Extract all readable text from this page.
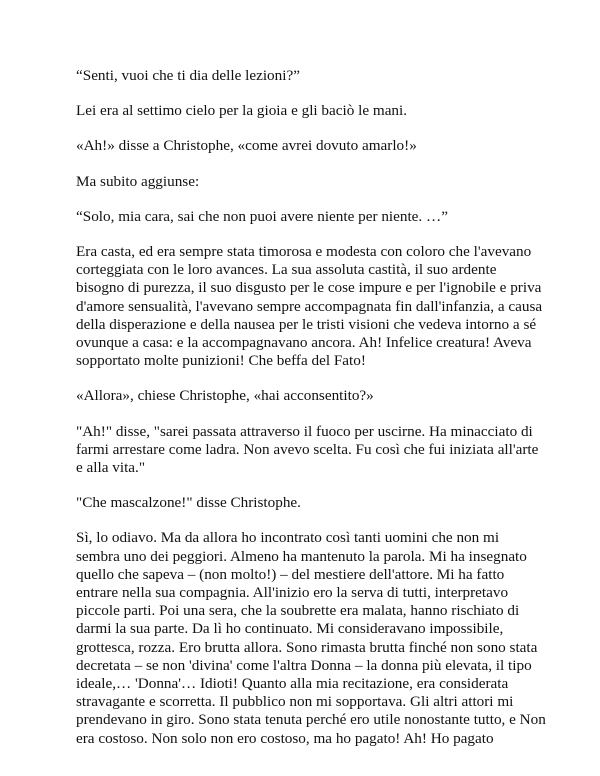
“Senti, vuoi che ti dia delle lezioni?”

Lei era al settimo cielo per la gioia e gli baciò le mani.

«Ah!» disse a Christophe, «come avrei dovuto amarlo!»

Ma subito aggiunse:

“Solo, mia cara, sai che non puoi avere niente per niente. …”

Era casta, ed era sempre stata timorosa e modesta con coloro che l'avevano corteggiata con le loro avances. La sua assoluta castità, il suo ardente bisogno di purezza, il suo disgusto per le cose impure e per l'ignobile e priva d'amore sensualità, l'avevano sempre accompagnata fin dall'infanzia, a causa della disperazione e della nausea per le tristi visioni che vedeva intorno a sé ovunque a casa: e la accompagnavano ancora. Ah! Infelice creatura! Aveva sopportato molte punizioni! Che beffa del Fato!

«Allora», chiese Christophe, «hai acconsentito?»

"Ah!" disse, "sarei passata attraverso il fuoco per uscirne. Ha minacciato di farmi arrestare come ladra. Non avevo scelta. Fu così che fui iniziata all'arte e alla vita."

"Che mascalzone!" disse Christophe.

Sì, lo odiavo. Ma da allora ho incontrato così tanti uomini che non mi sembra uno dei peggiori. Almeno ha mantenuto la parola. Mi ha insegnato quello che sapeva – (non molto!) – del mestiere dell'attore. Mi ha fatto entrare nella sua compagnia. All'inizio ero la serva di tutti, interpretavo piccole parti. Poi una sera, che la soubrette era malata, hanno rischiato di darmi la sua parte. Da lì ho continuato. Mi consideravano impossibile, grottesca, rozza. Ero brutta allora. Sono rimasta brutta finché non sono stata decretata – se non 'divina' come l'altra Donna – la donna più elevata, il tipo ideale,… 'Donna'… Idioti! Quanto alla mia recitazione, era considerata stravagante e scorretta. Il pubblico non mi sopportava. Gli altri attori mi prendevano in giro. Sono stata tenuta perché ero utile nonostante tutto, e Non era costoso. Non solo non ero costoso, ma ho pagato! Ah! Ho pagato
